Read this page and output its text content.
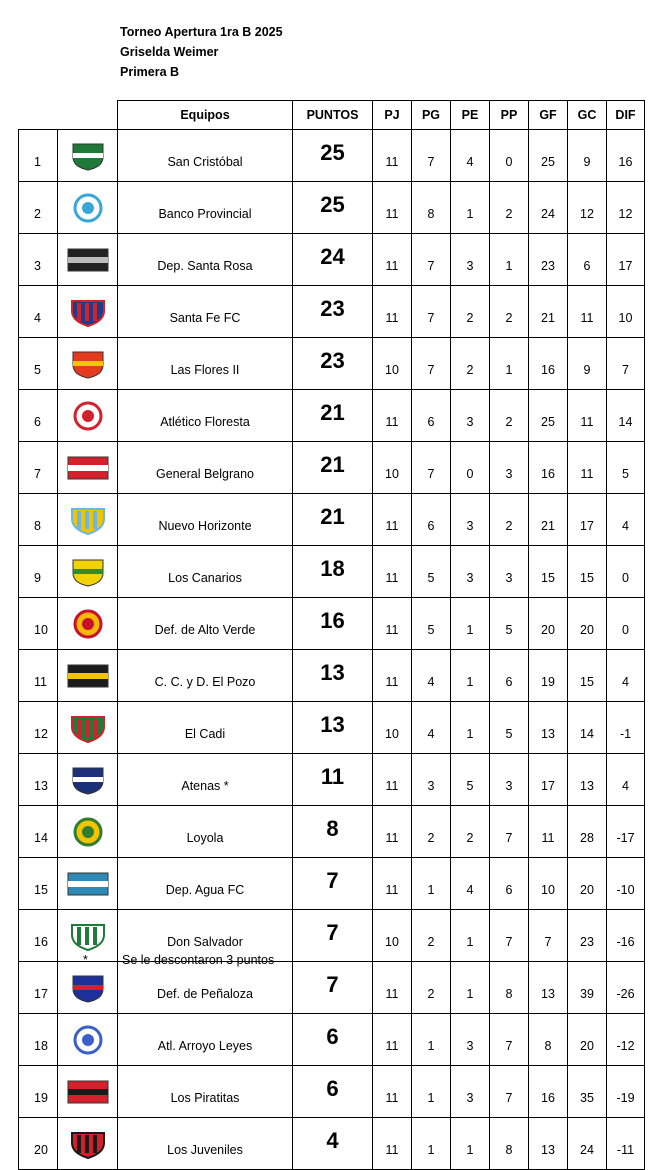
Torneo Apertura 1ra B 2025
Griselda Weimer
Primera B
		Equipos	PUNTOS	PJ	PG	PE	PP	GF	GC	DIF
1		San Cristóbal	25	11	7	4	0	25	9	16
2		Banco Provincial	25	11	8	1	2	24	12	12
3		Dep. Santa Rosa	24	11	7	3	1	23	6	17
4		Santa Fe FC	23	11	7	2	2	21	11	10
5		Las Flores II	23	10	7	2	1	16	9	7
6		Atlético Floresta	21	11	6	3	2	25	11	14
7		General Belgrano	21	10	7	0	3	16	11	5
8		Nuevo Horizonte	21	11	6	3	2	21	17	4
9		Los Canarios	18	11	5	3	3	15	15	0
10		Def. de Alto Verde	16	11	5	1	5	20	20	0
11		C. C. y D. El Pozo	13	11	4	1	6	19	15	4
12		El Cadi	13	10	4	1	5	13	14	-1
13		Atenas *	11	11	3	5	3	17	13	4
14		Loyola	8	11	2	2	7	11	28	-17
15		Dep. Agua FC	7	11	1	4	6	10	20	-10
16		Don Salvador	7	10	2	1	7	7	23	-16
17		Def. de Peñaloza	7	11	2	1	8	13	39	-26
18		Atl. Arroyo Leyes	6	11	1	3	7	8	20	-12
19		Los Piratitas	6	11	1	3	7	16	35	-19
20		Los Juveniles	4	11	1	1	8	13	24	-11
*	Se le descontaron 3 puntos
